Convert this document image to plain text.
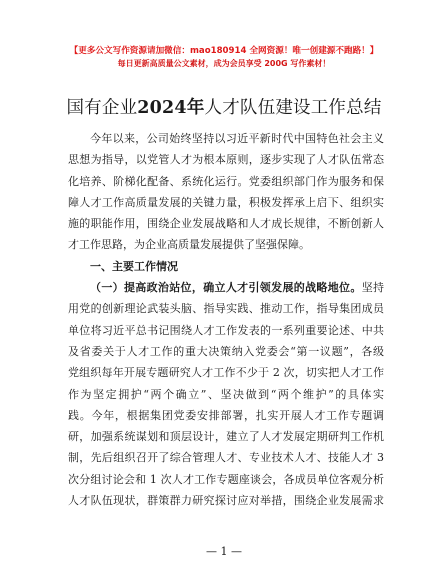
【更多公文写作资源请加微信：mao180914 全网资源！唯一创建源不跑路！】
每日更新高质量公文素材，成为会员享受 200G 写作素材！
国有企业2024年人才队伍建设工作总结
今年以来，公司始终坚持以习近平新时代中国特色社会主义
思想为指导，以党管人才为根本原则，逐步实现了人才队伍常态
化培养、阶梯化配备、系统化运行。党委组织部门作为服务和保
障人才工作高质量发展的关键力量，积极发挥承上启下、组织实
施的职能作用，围绕企业发展战略和人才成长规律，不断创新人
才工作思路，为企业高质量发展提供了坚强保障。
一、主要工作情况
（一）提高政治站位，确立人才引领发展的战略地位。坚持
用党的创新理论武装头脑、指导实践、推动工作，指导集团成员
单位将习近平总书记围绕人才工作发表的一系列重要论述、中共
及省委关于人才工作的重大决策纳入党委会“第一议题”，各级
党组织每年开展专题研究人才工作不少于 2 次，切实把人才工作
作为坚定拥护“两个确立”、坚决做到“两个维护”的具体实
践。今年，根据集团党委安排部署，扎实开展人才工作专题调
研，加强系统谋划和顶层设计，建立了人才发展定期研判工作机
制，先后组织召开了综合管理人才、专业技术人才、技能人才 3
次分组讨论会和 1 次人才工作专题座谈会，各成员单位客观分析
人才队伍现状，群策群力研究探讨应对举措，围绕企业发展需求
— 1 —
